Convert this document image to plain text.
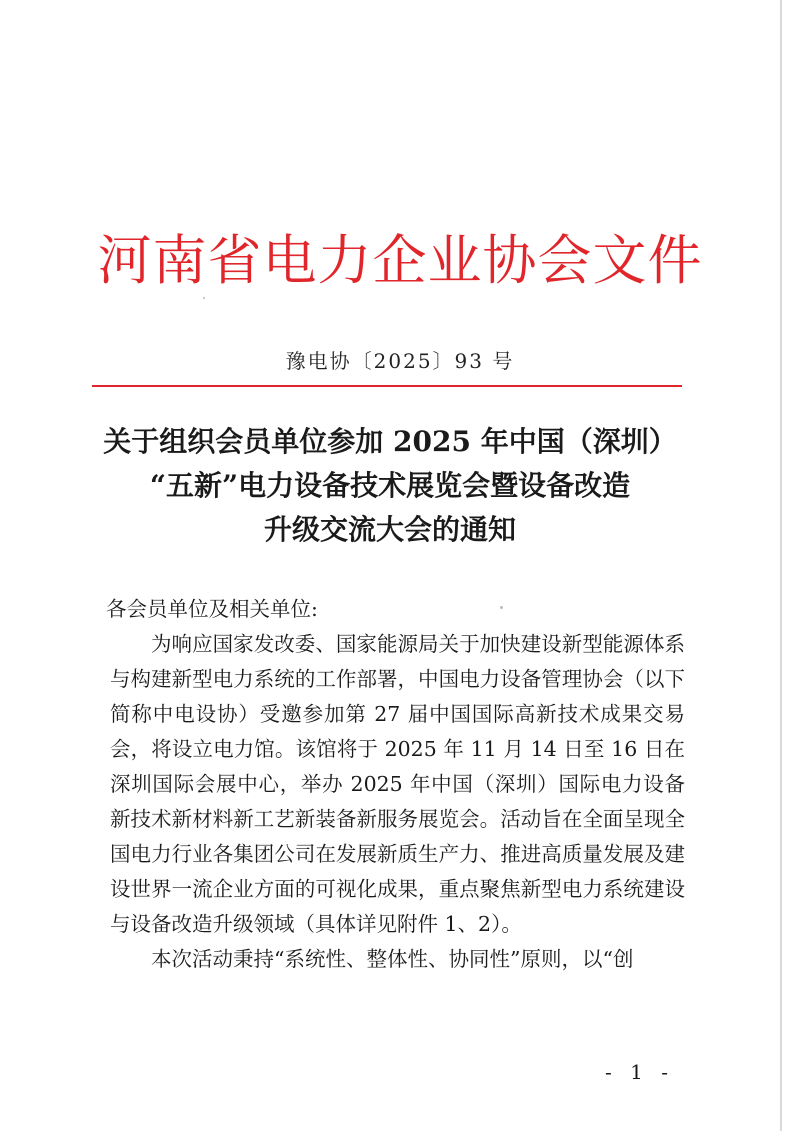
河南省电力企业协会文件
豫电协〔2025〕93 号
关于组织会员单位参加 2025 年中国（深圳）
“五新”电力设备技术展览会暨设备改造
升级交流大会的通知

各会员单位及相关单位:

为响应国家发改委、国家能源局关于加快建设新型能源体系与构建新型电力系统的工作部署，中国电力设备管理协会（以下简称中电设协）受邀参加第 27 届中国国际高新技术成果交易会，将设立电力馆。该馆将于 2025 年 11 月 14 日至 16 日在深圳国际会展中心，举办 2025 年中国（深圳）国际电力设备新技术新材料新工艺新装备新服务展览会。活动旨在全面呈现全国电力行业各集团公司在发展新质生产力、推进高质量发展及建设世界一流企业方面的可视化成果，重点聚焦新型电力系统建设与设备改造升级领域（具体详见附件 1、2）。

本次活动秉持“系统性、整体性、协同性”原则，以“创

- 1 -
